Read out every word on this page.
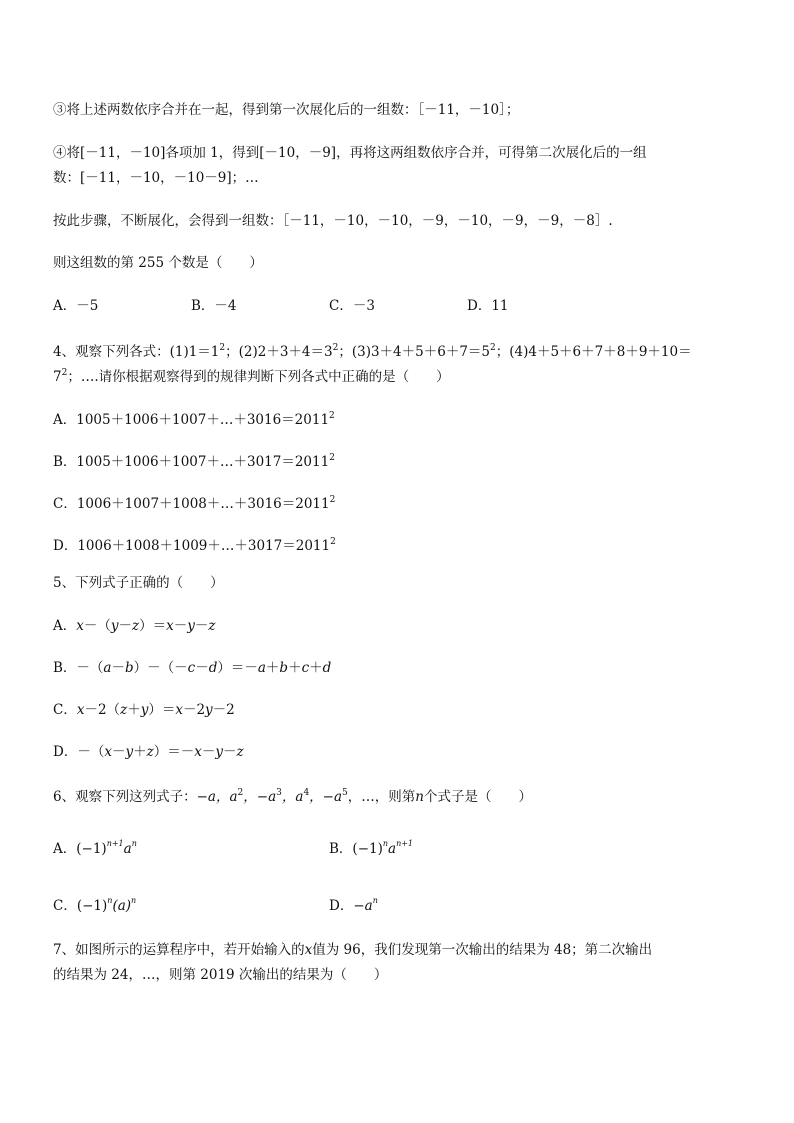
③将上述两数依序合并在一起，得到第一次展化后的一组数：［－11，－10］；
④将[－11，－10]各项加 1，得到[－10，－9]，再将这两组数依序合并，可得第二次展化后的一组
数：[－11，－10，－10－9]；…
按此步骤，不断展化，会得到一组数：［－11，－10，－10，－9，－10，－9，－9，－8］.
则这组数的第 255 个数是（　　）
A．－5	B．－4	C．－3	D．11
4、观察下列各式：$(1)1=1^2$；$(2)2+3+4=3^2$；$(3)3+4+5+6+7=5^2$；(4)4＋5＋6＋7＋8＋9＋10＝
$7^2$；….请你根据观察得到的规律判断下列各式中正确的是（　　）
A．$1005+1006+1007+\dots+3016=2011^2$
B．$1005+1006+1007+\dots+3017=2011^2$
C．$1006+1007+1008+\dots+3016=2011^2$
D．$1006+1008+1009+\dots+3017=2011^2$
5、下列式子正确的（　　）
A．x－（y－z）＝x－y－z
B．－（a－b）－（－c－d）＝－a＋b＋c＋d
C．x－2（z＋y）＝x－2y－2
D．－（x－y＋z）＝－x－y－z
6、观察下列这列式子：−a，$a^2$，$-a^3$，$a^4$，$-a^5$，…，则第n个式子是（　　）
A．$(-1)^{n+1}a^n$	B．$(-1)^na^{n+1}$
C．$(-1)^n(a)^n$	D．$-a^n$
7、如图所示的运算程序中，若开始输入的x值为 96，我们发现第一次输出的结果为 48；第二次输出
的结果为 24，…，则第 2019 次输出的结果为（　　）
